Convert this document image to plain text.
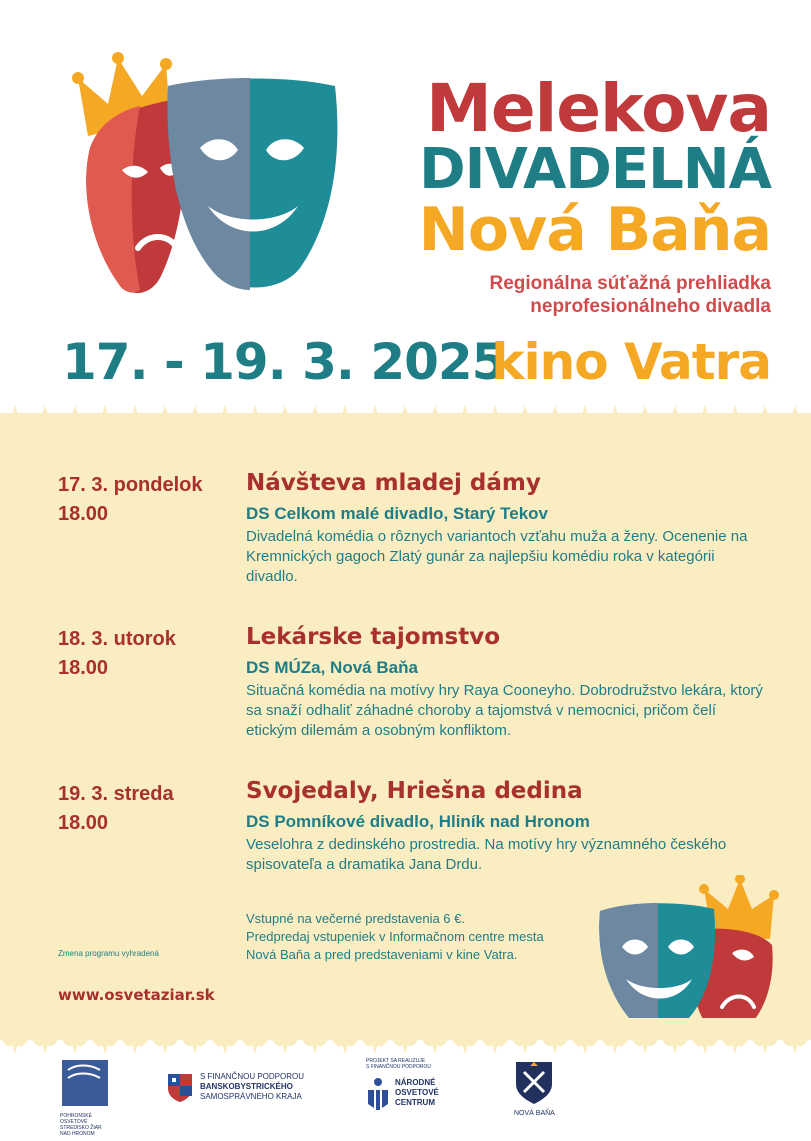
Melekova
DIVADELNÁ
Nová Baňa
Regionálna súťažná prehliadka
neprofesionálneho divadla
17. - 19. 3. 2025
kino Vatra
17. 3. pondelok
18.00
Návšteva mladej dámy
DS Celkom malé divadlo, Starý Tekov
Divadelná komédia o rôznych variantoch vzťahu muža a ženy. Ocenenie na Kremnických gagoch Zlatý gunár za najlepšiu komédiu roka v kategórii divadlo.
18. 3. utorok
18.00
Lekárske tajomstvo
DS MÚZa, Nová Baňa
Situačná komédia na motívy hry Raya Cooneyho. Dobrodružstvo lekára, ktorý sa snaží odhaliť záhadné choroby a tajomstvá v nemocnici, pričom čelí etickým dilemám a osobným konfliktom.
19. 3. streda
18.00
Svojedaly, Hriešna dedina
DS Pomníkové divadlo, Hliník nad Hronom
Veselohra z dedinského prostredia. Na motívy hry významného českého spisovateľa a dramatika Jana Drdu.
Vstupné na večerné predstavenia 6 €.
Predpredaj vstupeniek v Informačnom centre mesta
Nová Baňa a pred predstaveniami v kine Vatra.
Zmena programu vyhradená
www.osvetaziar.sk
POHRONSKÉ OSVETOVÉ STREDISKO ŽIAR NAD HRONOM
S FINANČNOU PODPOROU
BANSKOBYSTRICKÉHO
SAMOSPRÁVNEHO KRAJA
PROJEKT SA REALIZUJE
S FINANČNOU PODPOROU
NÁRODNÉ
OSVETOVÉ
CENTRUM
NOVÁ BAŇA
